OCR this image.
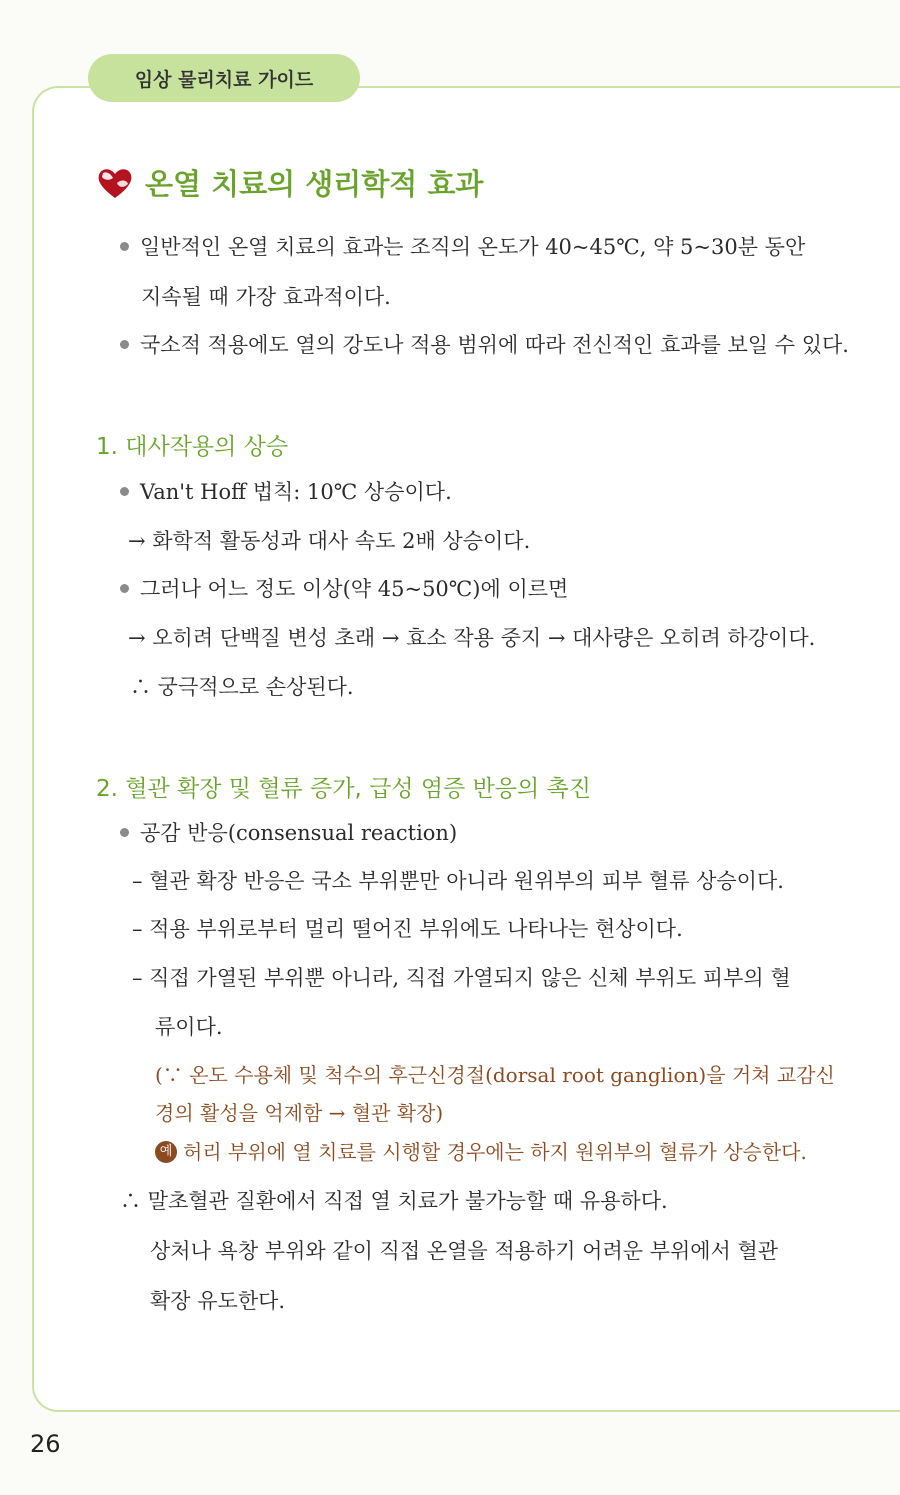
임상 물리치료 가이드
온열 치료의 생리학적 효과
일반적인 온열 치료의 효과는 조직의 온도가 40~45℃, 약 5~30분 동안
지속될 때 가장 효과적이다.
국소적 적용에도 열의 강도나 적용 범위에 따라 전신적인 효과를 보일 수 있다.
1. 대사작용의 상승
Van't Hoff 법칙: 10℃ 상승이다.
→ 화학적 활동성과 대사 속도 2배 상승이다.
그러나 어느 정도 이상(약 45~50℃)에 이르면
→ 오히려 단백질 변성 초래 → 효소 작용 중지 → 대사량은 오히려 하강이다.
∴ 궁극적으로 손상된다.
2. 혈관 확장 및 혈류 증가, 급성 염증 반응의 촉진
공감 반응(consensual reaction)
– 혈관 확장 반응은 국소 부위뿐만 아니라 원위부의 피부 혈류 상승이다.
– 적용 부위로부터 멀리 떨어진 부위에도 나타나는 현상이다.
– 직접 가열된 부위뿐 아니라, 직접 가열되지 않은 신체 부위도 피부의 혈
류이다.
(∵ 온도 수용체 및 척수의 후근신경절(dorsal root ganglion)을 거쳐 교감신
경의 활성을 억제함 → 혈관 확장)
예 허리 부위에 열 치료를 시행할 경우에는 하지 원위부의 혈류가 상승한다.
∴ 말초혈관 질환에서 직접 열 치료가 불가능할 때 유용하다.
상처나 욕창 부위와 같이 직접 온열을 적용하기 어려운 부위에서 혈관
확장 유도한다.
26
